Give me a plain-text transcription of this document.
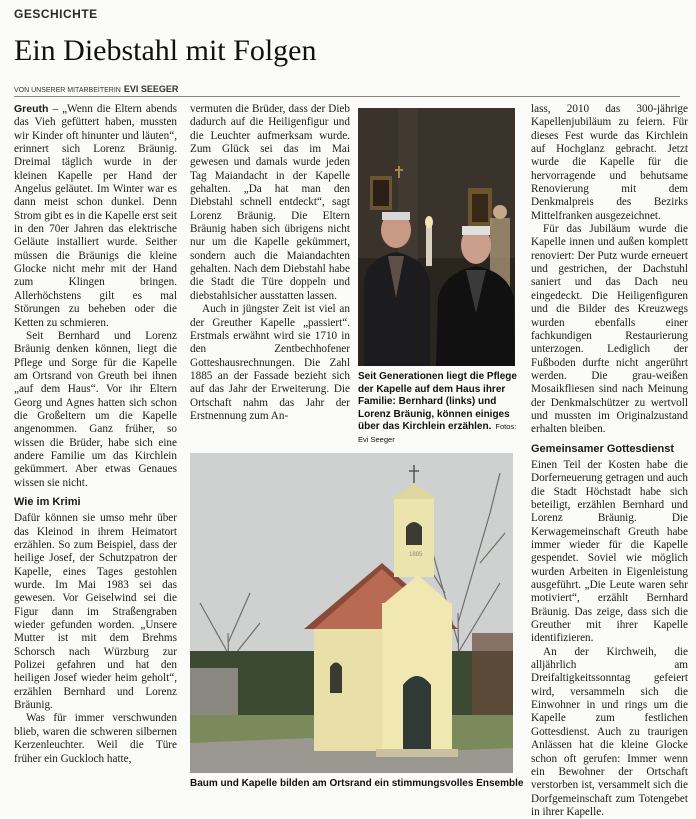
GESCHICHTE
Ein Diebstahl mit Folgen
VON UNSERER MITARBEITERIN EVI SEEGER

Greuth – „Wenn die Eltern abends das Vieh gefüttert haben, mussten wir Kinder oft hinunter und läuten“, erinnert sich Lorenz Bräunig. Dreimal täglich wurde in der kleinen Kapelle per Hand der Angelus geläutet. Im Winter war es dann meist schon dunkel. Denn Strom gibt es in die Kapelle erst seit in den 70er Jahren das elektrische Geläute installiert wurde. Seither müssen die Bräunigs die kleine Glocke nicht mehr mit der Hand zum Klingen bringen. Allerhöchstens gilt es mal Störungen zu beheben oder die Ketten zu schmieren.

Seit Bernhard und Lorenz Bräunig denken können, liegt die Pflege und Sorge für die Kapelle am Ortsrand von Greuth bei ihnen „auf dem Haus“. Vor ihr Eltern Georg und Agnes hatten sich schon die Großeltern um die Kapelle angenommen. Ganz früher, so wissen die Brüder, habe sich eine andere Familie um das Kirchlein gekümmert. Aber etwas Genaues wissen sie nicht.

Wie im Krimi

Dafür können sie umso mehr über das Kleinod in ihrem Heimatort erzählen. So zum Beispiel, dass der heilige Josef, der Schutzpatron der Kapelle, eines Tages gestohlen wurde. Im Mai 1983 sei das gewesen. Vor Geiselwind sei die Figur dann im Straßengraben wieder gefunden worden. „Unsere Mutter ist mit dem Brehms Schorsch nach Würzburg zur Polizei gefahren und hat den heiligen Josef wieder heim geholt“, erzählen Bernhard und Lorenz Bräunig.

Was für immer verschwunden blieb, waren die schweren silbernen Kerzenleuchter. Weil die Türe früher ein Guckloch hatte,

vermuten die Brüder, dass der Dieb dadurch auf die Heiligenfigur und die Leuchter aufmerksam wurde. Zum Glück sei das im Mai gewesen und damals wurde jeden Tag Maiandacht in der Kapelle gehalten. „Da hat man den Diebstahl schnell entdeckt“, sagt Lorenz Bräunig. Die Eltern Bräunig haben sich übrigens nicht nur um die Kapelle gekümmert, sondern auch die Maiandachten gehalten. Nach dem Diebstahl habe die Stadt die Türe doppeln und diebstahlsicher ausstatten lassen.

Auch in jüngster Zeit ist viel an der Greuther Kapelle „passiert“. Erstmals erwähnt wird sie 1710 in den Zentbechhofener Gotteshausrechnungen. Die Zahl 1885 an der Fassade bezieht sich auf das Jahr der Erweiterung. Die Ortschaft nahm das Jahr der Erstnennung zum An-

Seit Generationen liegt die Pflege der Kapelle auf dem Haus ihrer Familie: Bernhard (links) und Lorenz Bräunig, können einiges über das Kirchlein erzählen. Fotos: Evi Seeger
1885
Baum und Kapelle bilden am Ortsrand ein stimmungsvolles Ensemble

lass, 2010 das 300-jährige Kapellenjubiläum zu feiern. Für dieses Fest wurde das Kirchlein auf Hochglanz gebracht. Jetzt wurde die Kapelle für die hervorragende und behutsame Renovierung mit dem Denkmalpreis des Bezirks Mittelfranken ausgezeichnet.

Für das Jubiläum wurde die Kapelle innen und außen komplett renoviert: Der Putz wurde erneuert und gestrichen, der Dachstuhl saniert und das Dach neu eingedeckt. Die Heiligenfiguren und die Bilder des Kreuzwegs wurden ebenfalls einer fachkundigen Restaurierung unterzogen. Lediglich der Fußboden durfte nicht angerührt werden. Die grau-weißen Mosaikfliesen sind nach Meinung der Denkmalschützer zu wertvoll und mussten im Originalzustand erhalten bleiben.

Gemeinsamer Gottesdienst

Einen Teil der Kosten habe die Dorferneuerung getragen und auch die Stadt Höchstadt habe sich beteiligt, erzählen Bernhard und Lorenz Bräunig. Die Kerwagemeinschaft Greuth habe immer wieder für die Kapelle gespendet. Soviel wie möglich wurden Arbeiten in Eigenleistung ausgeführt. „Die Leute waren sehr motiviert“, erzählt Bernhard Bräunig. Das zeige, dass sich die Greuther mit ihrer Kapelle identifizieren.

An der Kirchweih, die alljährlich am Dreifaltigkeitssonntag gefeiert wird, versammeln sich die Einwohner in und rings um die Kapelle zum festlichen Gottesdienst. Auch zu traurigen Anlässen hat die kleine Glocke schon oft gerufen: Immer wenn ein Bewohner der Ortschaft verstorben ist, versammelt sich die Dorfgemeinschaft zum Totengebet in ihrer Kapelle.
